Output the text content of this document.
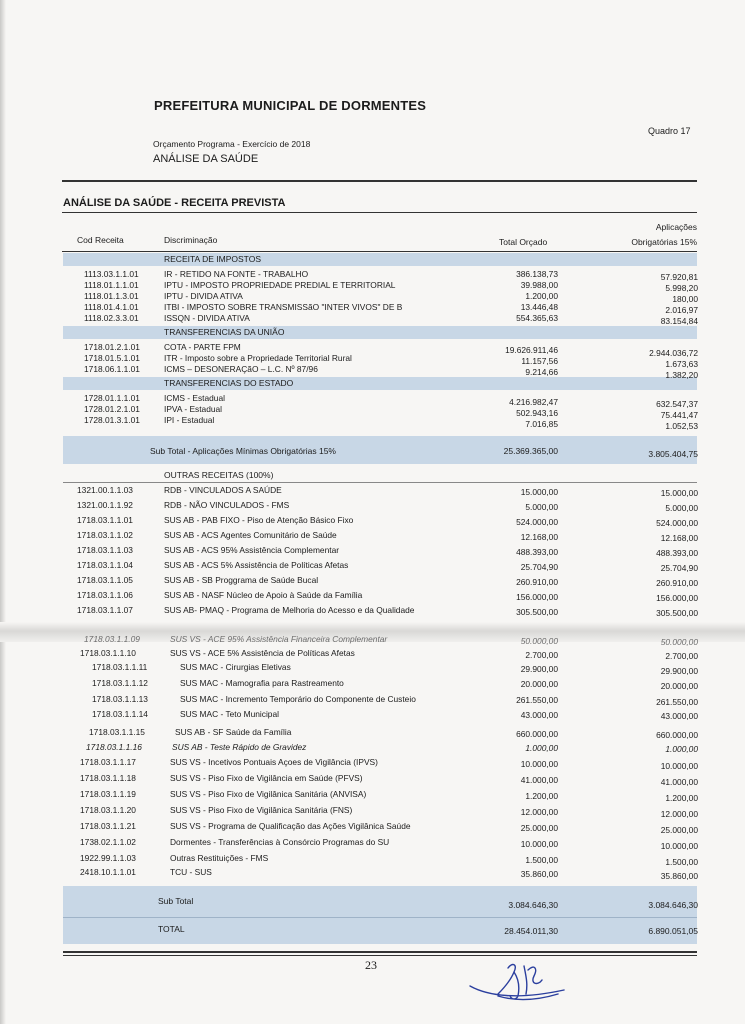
PREFEITURA MUNICIPAL DE DORMENTES
Quadro 17
Orçamento Programa - Exercício de 2018
ANÁLISE DA SAÚDE
ANÁLISE DA SAÚDE - RECEITA PREVISTA
Cod Receita	Discriminação	Total Orçado
Aplicações
Obrigatórias 15%
RECEITA DE IMPOSTOS
TRANSFERENCIAS DA UNIÃO
TRANSFERENCIAS DO ESTADO
1113.03.1.1.01	IR - RETIDO NA FONTE - TRABALHO	386.138,73	57.920,81
1118.01.1.1.01	IPTU - IMPOSTO PROPRIEDADE PREDIAL E TERRITORIAL	39.988,00	5.998,20
1118.01.1.3.01	IPTU - DIVIDA ATIVA	1.200,00	180,00
1118.01.4.1.01	ITBI - IMPOSTO SOBRE TRANSMISSãO "INTER VIVOS" DE B	13.446,48	2.016,97
1118.02.3.3.01	ISSQN - DIVIDA ATIVA	554.365,63	83.154,84
1718.01.2.1.01	COTA - PARTE FPM	19.626.911,46	2.944.036,72
1718.01.5.1.01	ITR - Imposto sobre a Propriedade Territorial Rural	11.157,56	1.673,63
1718.06.1.1.01	ICMS – DESONERAÇãO – L.C. Nº 87/96	9.214,66	1.382,20
1728.01.1.1.01	ICMS - Estadual	4.216.982,47	632.547,37
1728.01.2.1.01	IPVA - Estadual	502.943,16	75.441,47
1728.01.3.1.01	IPI - Estadual	7.016,85	1.052,53
Sub Total - Aplicações Mínimas Obrigatórias 15%	25.369.365,00	3.805.404,75
OUTRAS RECEITAS (100%)
1321.00.1.1.03	RDB - VINCULADOS A SAÚDE	15.000,00	15.000,00
1321.00.1.1.92	RDB - NÃO VINCULADOS - FMS	5.000,00	5.000,00
1718.03.1.1.01	SUS AB - PAB FIXO - Piso de Atenção Básico Fixo	524.000,00	524.000,00
1718.03.1.1.02	SUS AB - ACS Agentes Comunitário de Saúde	12.168,00	12.168,00
1718.03.1.1.03	SUS AB - ACS 95% Assistência Complementar	488.393,00	488.393,00
1718.03.1.1.04	SUS AB - ACS 5% Assistência de Políticas Afetas	25.704,90	25.704,90
1718.03.1.1.05	SUS AB - SB Proggrama de Saúde Bucal	260.910,00	260.910,00
1718.03.1.1.06	SUS AB - NASF Núcleo de Apoio à Saúde da Família	156.000,00	156.000,00
1718.03.1.1.07	SUS AB- PMAQ - Programa de Melhoria do Acesso e da Qualidade	305.500,00	305.500,00
1718.03.1.1.09	SUS VS - ACE 95% Assistência Financeira Complementar	50.000,00	50.000,00
1718.03.1.1.10	SUS VS - ACE 5% Assistência de Políticas Afetas	2.700,00	2.700,00
1718.03.1.1.11	SUS MAC - Cirurgias Eletivas	29.900,00	29.900,00
1718.03.1.1.12	SUS MAC - Mamografia para Rastreamento	20.000,00	20.000,00
1718.03.1.1.13	SUS MAC - Incremento Temporário do Componente de Custeio	261.550,00	261.550,00
1718.03.1.1.14	SUS MAC - Teto Municipal	43.000,00	43.000,00
1718.03.1.1.15	SUS AB - SF Saúde da Família	660.000,00	660.000,00
1718.03.1.1.16	SUS AB - Teste Rápido de Gravidez	1.000,00	1.000,00
1718.03.1.1.17	SUS VS - Incetivos Pontuais Açoes de Vigilância (IPVS)	10.000,00	10.000,00
1718.03.1.1.18	SUS VS - Piso Fixo de Vigilância em Saúde (PFVS)	41.000,00	41.000,00
1718.03.1.1.19	SUS VS - Piso Fixo de Vigilânica Sanitária (ANVISA)	1.200,00	1.200,00
1718.03.1.1.20	SUS VS - Piso Fixo de Vigilânica Sanitária (FNS)	12.000,00	12.000,00
1718.03.1.1.21	SUS VS - Programa de Qualificação das Ações Vigilânica Saúde	25.000,00	25.000,00
1738.02.1.1.02	Dormentes - Transferências à Consórcio Programas do SU	10.000,00	10.000,00
1922.99.1.1.03	Outras Restituições - FMS	1.500,00	1.500,00
2418.10.1.1.01	TCU - SUS	35.860,00	35.860,00
Sub Total	3.084.646,30	3.084.646,30
TOTAL	28.454.011,30	6.890.051,05
23
